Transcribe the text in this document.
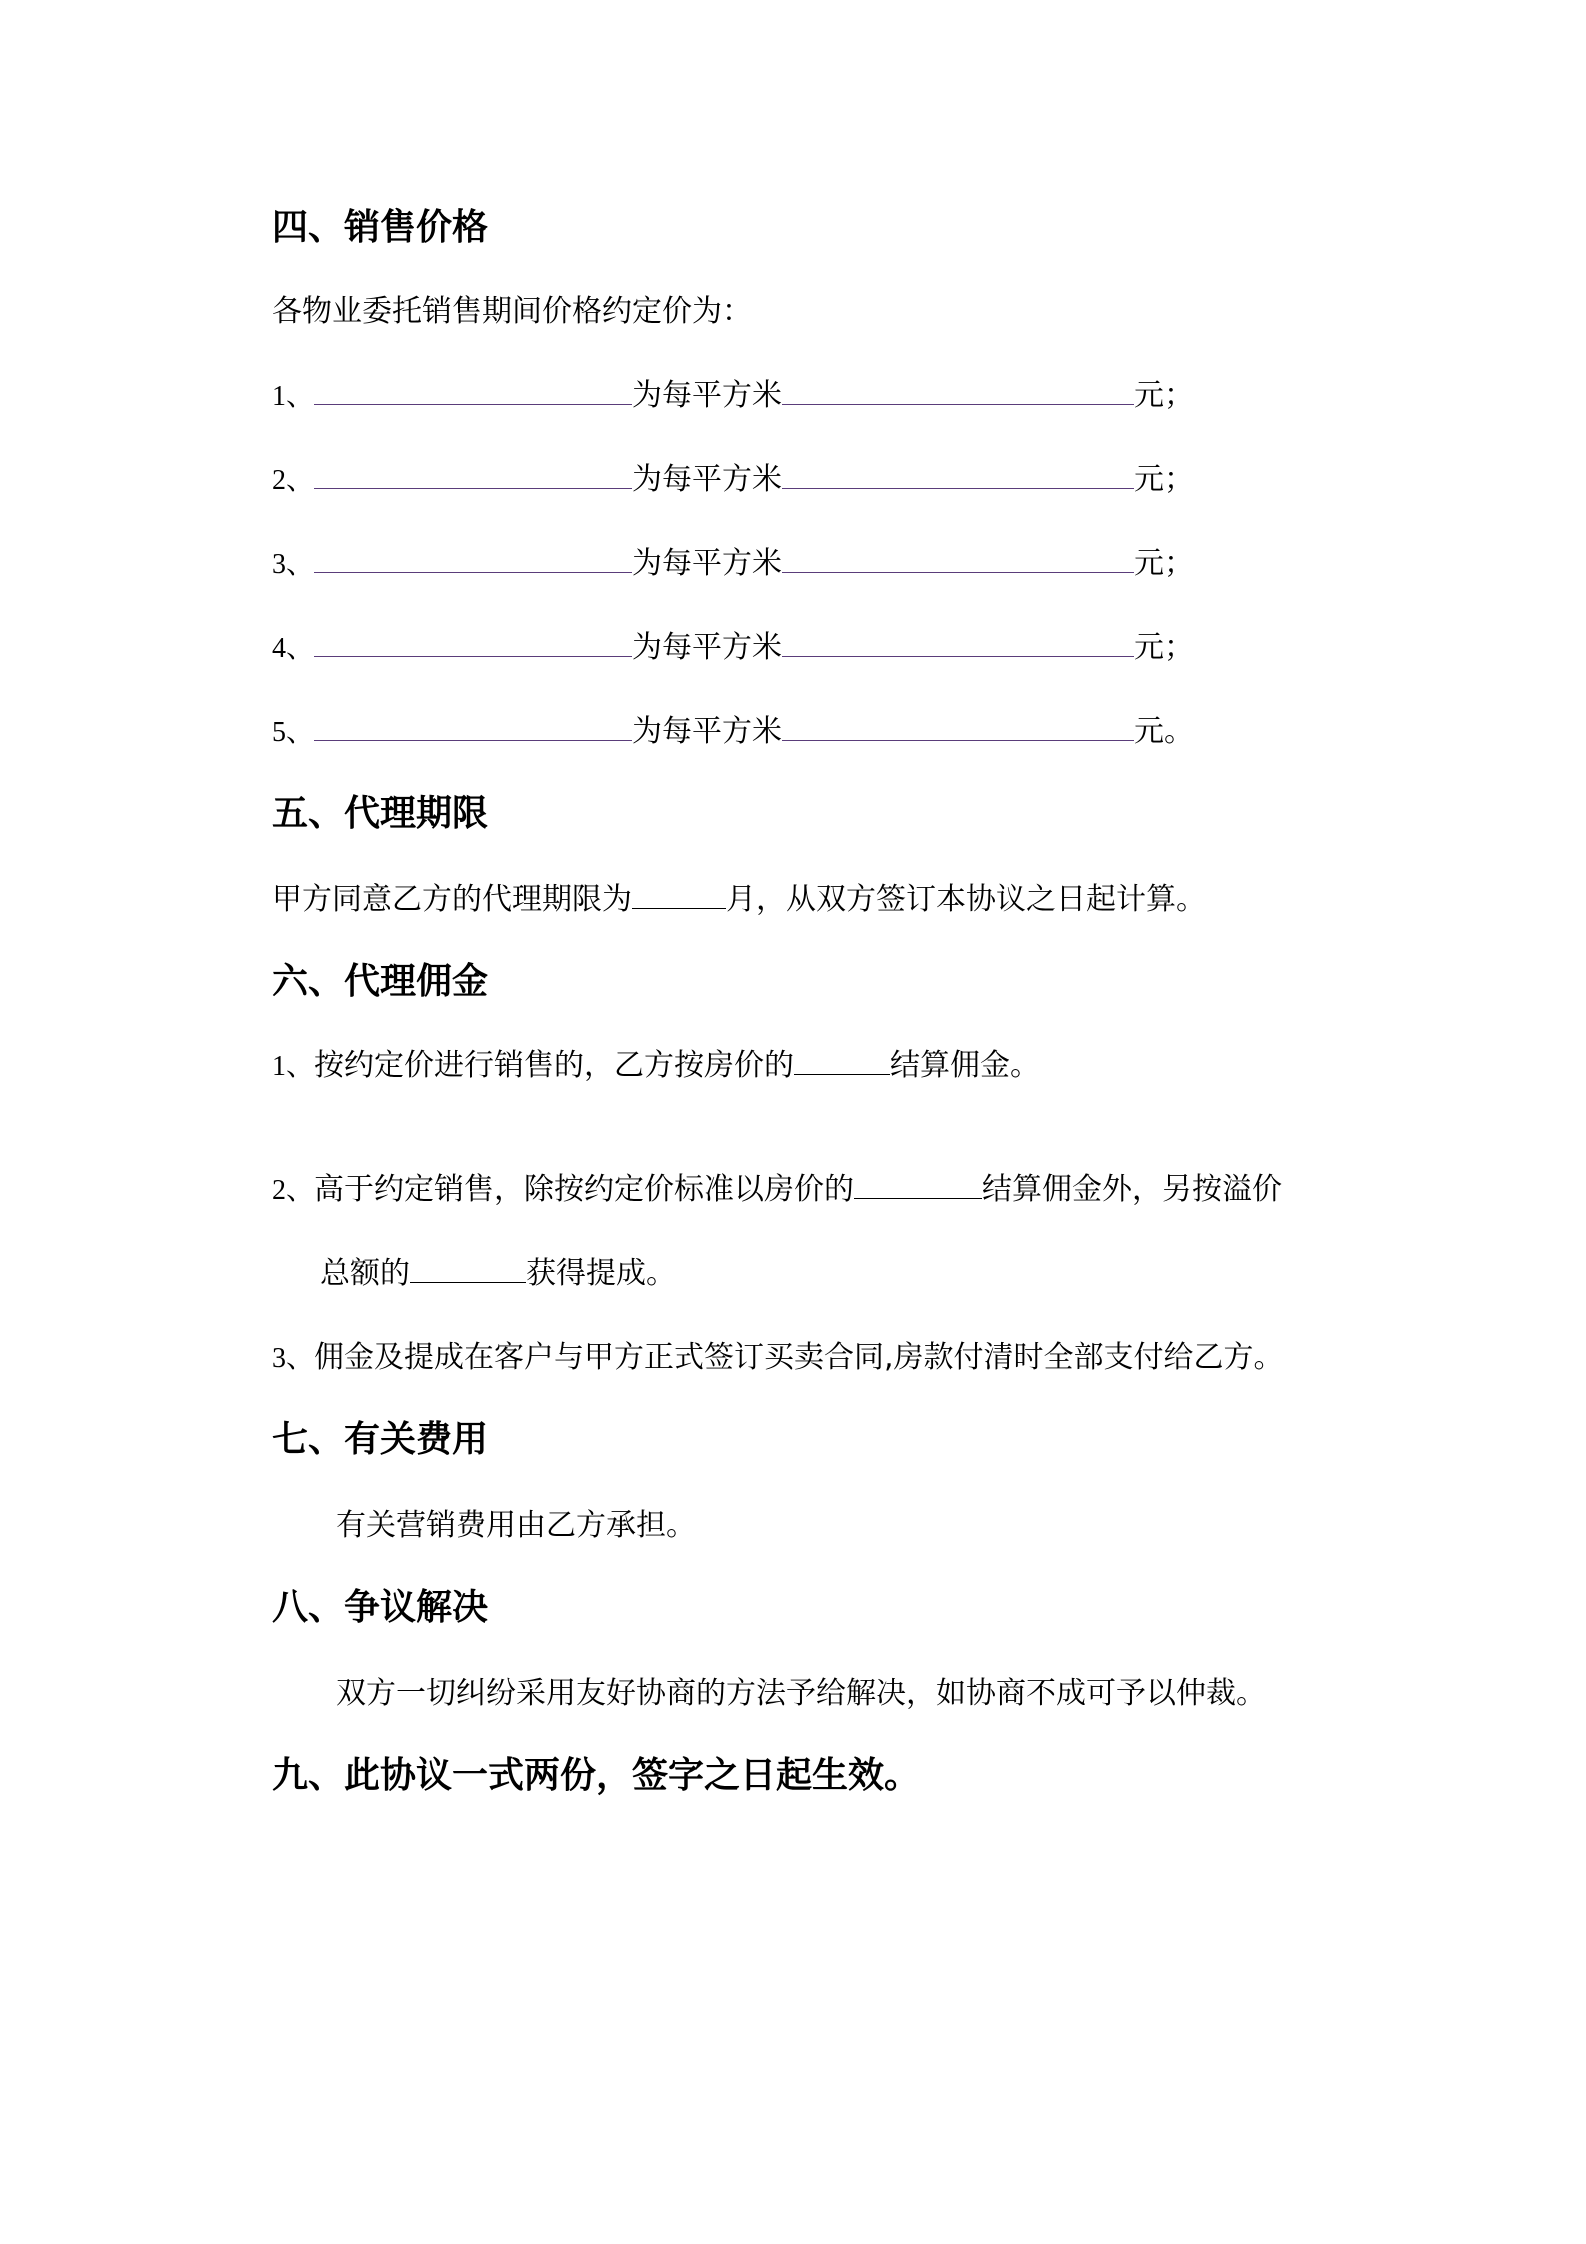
四、销售价格
各物业委托销售期间价格约定价为：
1、	为每平方米	元；
2、	为每平方米	元；
3、	为每平方米	元；
4、	为每平方米	元；
5、	为每平方米	元。
五、代理期限
甲方同意乙方的代理期限为	月，从双方签订本协议之日起计算。
六、代理佣金
1、按约定价进行销售的，乙方按房价的	结算佣金。
2、高于约定销售，除按约定价标准以房价的	结算佣金外，另按溢价
总额的	获得提成。
3、佣金及提成在客户与甲方正式签订买卖合同,房款付清时全部支付给乙方。
七、有关费用
有关营销费用由乙方承担。
八、争议解决
双方一切纠纷采用友好协商的方法予给解决，如协商不成可予以仲裁。
九、此协议一式两份，签字之日起生效。
